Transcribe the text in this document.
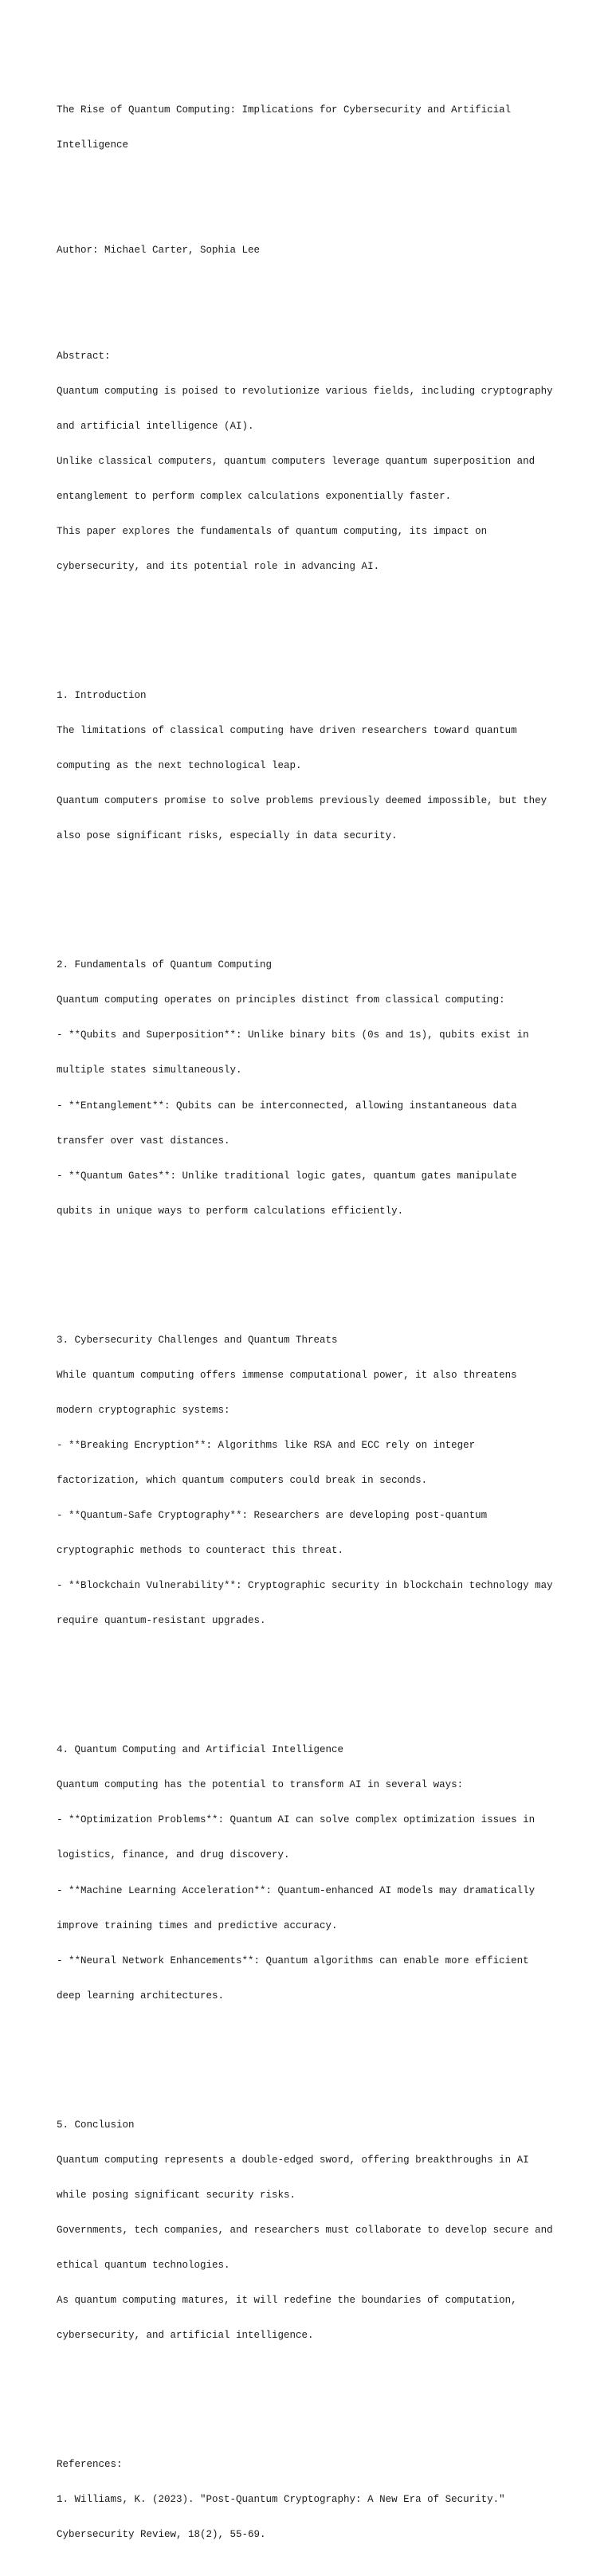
The Rise of Quantum Computing: Implications for Cybersecurity and Artificial

Intelligence

Author: Michael Carter, Sophia Lee

Abstract:

Quantum computing is poised to revolutionize various fields, including cryptography

and artificial intelligence (AI).

Unlike classical computers, quantum computers leverage quantum superposition and

entanglement to perform complex calculations exponentially faster.

This paper explores the fundamentals of quantum computing, its impact on

cybersecurity, and its potential role in advancing AI.

1. Introduction

The limitations of classical computing have driven researchers toward quantum

computing as the next technological leap.

Quantum computers promise to solve problems previously deemed impossible, but they

also pose significant risks, especially in data security.

2. Fundamentals of Quantum Computing

Quantum computing operates on principles distinct from classical computing:

- **Qubits and Superposition**: Unlike binary bits (0s and 1s), qubits exist in

multiple states simultaneously.

- **Entanglement**: Qubits can be interconnected, allowing instantaneous data

transfer over vast distances.

- **Quantum Gates**: Unlike traditional logic gates, quantum gates manipulate

qubits in unique ways to perform calculations efficiently.

3. Cybersecurity Challenges and Quantum Threats

While quantum computing offers immense computational power, it also threatens

modern cryptographic systems:

- **Breaking Encryption**: Algorithms like RSA and ECC rely on integer

factorization, which quantum computers could break in seconds.

- **Quantum-Safe Cryptography**: Researchers are developing post-quantum

cryptographic methods to counteract this threat.

- **Blockchain Vulnerability**: Cryptographic security in blockchain technology may

require quantum-resistant upgrades.

4. Quantum Computing and Artificial Intelligence

Quantum computing has the potential to transform AI in several ways:

- **Optimization Problems**: Quantum AI can solve complex optimization issues in

logistics, finance, and drug discovery.

- **Machine Learning Acceleration**: Quantum-enhanced AI models may dramatically

improve training times and predictive accuracy.

- **Neural Network Enhancements**: Quantum algorithms can enable more efficient

deep learning architectures.

5. Conclusion

Quantum computing represents a double-edged sword, offering breakthroughs in AI

while posing significant security risks.

Governments, tech companies, and researchers must collaborate to develop secure and

ethical quantum technologies.

As quantum computing matures, it will redefine the boundaries of computation,

cybersecurity, and artificial intelligence.

References:

1. Williams, K. (2023). "Post-Quantum Cryptography: A New Era of Security."

Cybersecurity Review, 18(2), 55-69.
